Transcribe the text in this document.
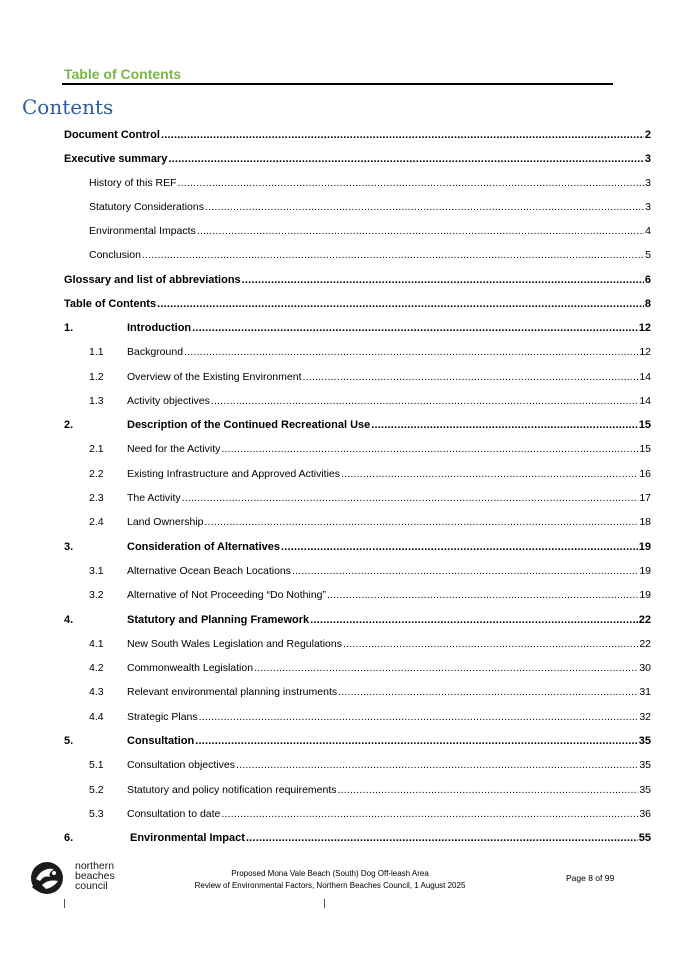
Table of Contents
Contents
Document Control .....	2
Executive summary .....	3
History of this REF .....	3
Statutory Considerations .....	3
Environmental Impacts .....	4
Conclusion .....	5
Glossary and list of abbreviations .....	6
Table of Contents .....	8
1.	Introduction .....	12
1.1	Background .....	12
1.2	Overview of the Existing Environment .....	14
1.3	Activity objectives .....	14
2.	Description of the Continued Recreational Use .....	15
2.1	Need for the Activity .....	15
2.2	Existing Infrastructure and Approved Activities .....	16
2.3	The Activity .....	17
2.4	Land Ownership .....	18
3.	Consideration of Alternatives .....	19
3.1	Alternative Ocean Beach Locations .....	19
3.2	Alternative of Not Proceeding “Do Nothing” .....	19
4.	Statutory and Planning Framework .....	22
4.1	New South Wales Legislation and Regulations .....	22
4.2	Commonwealth Legislation .....	30
4.3	Relevant environmental planning instruments .....	31
4.4	Strategic Plans .....	32
5.	Consultation .....	35
5.1	Consultation objectives .....	35
5.2	Statutory and policy notification requirements .....	35
5.3	Consultation to date .....	36
6.	Environmental Impact .....	55
northern
beaches
council
Proposed Mona Vale Beach (South) Dog Off-leash Area
Review of Environmental Factors, Northern Beaches Council, 1 August 2025
Page 8 of 99
